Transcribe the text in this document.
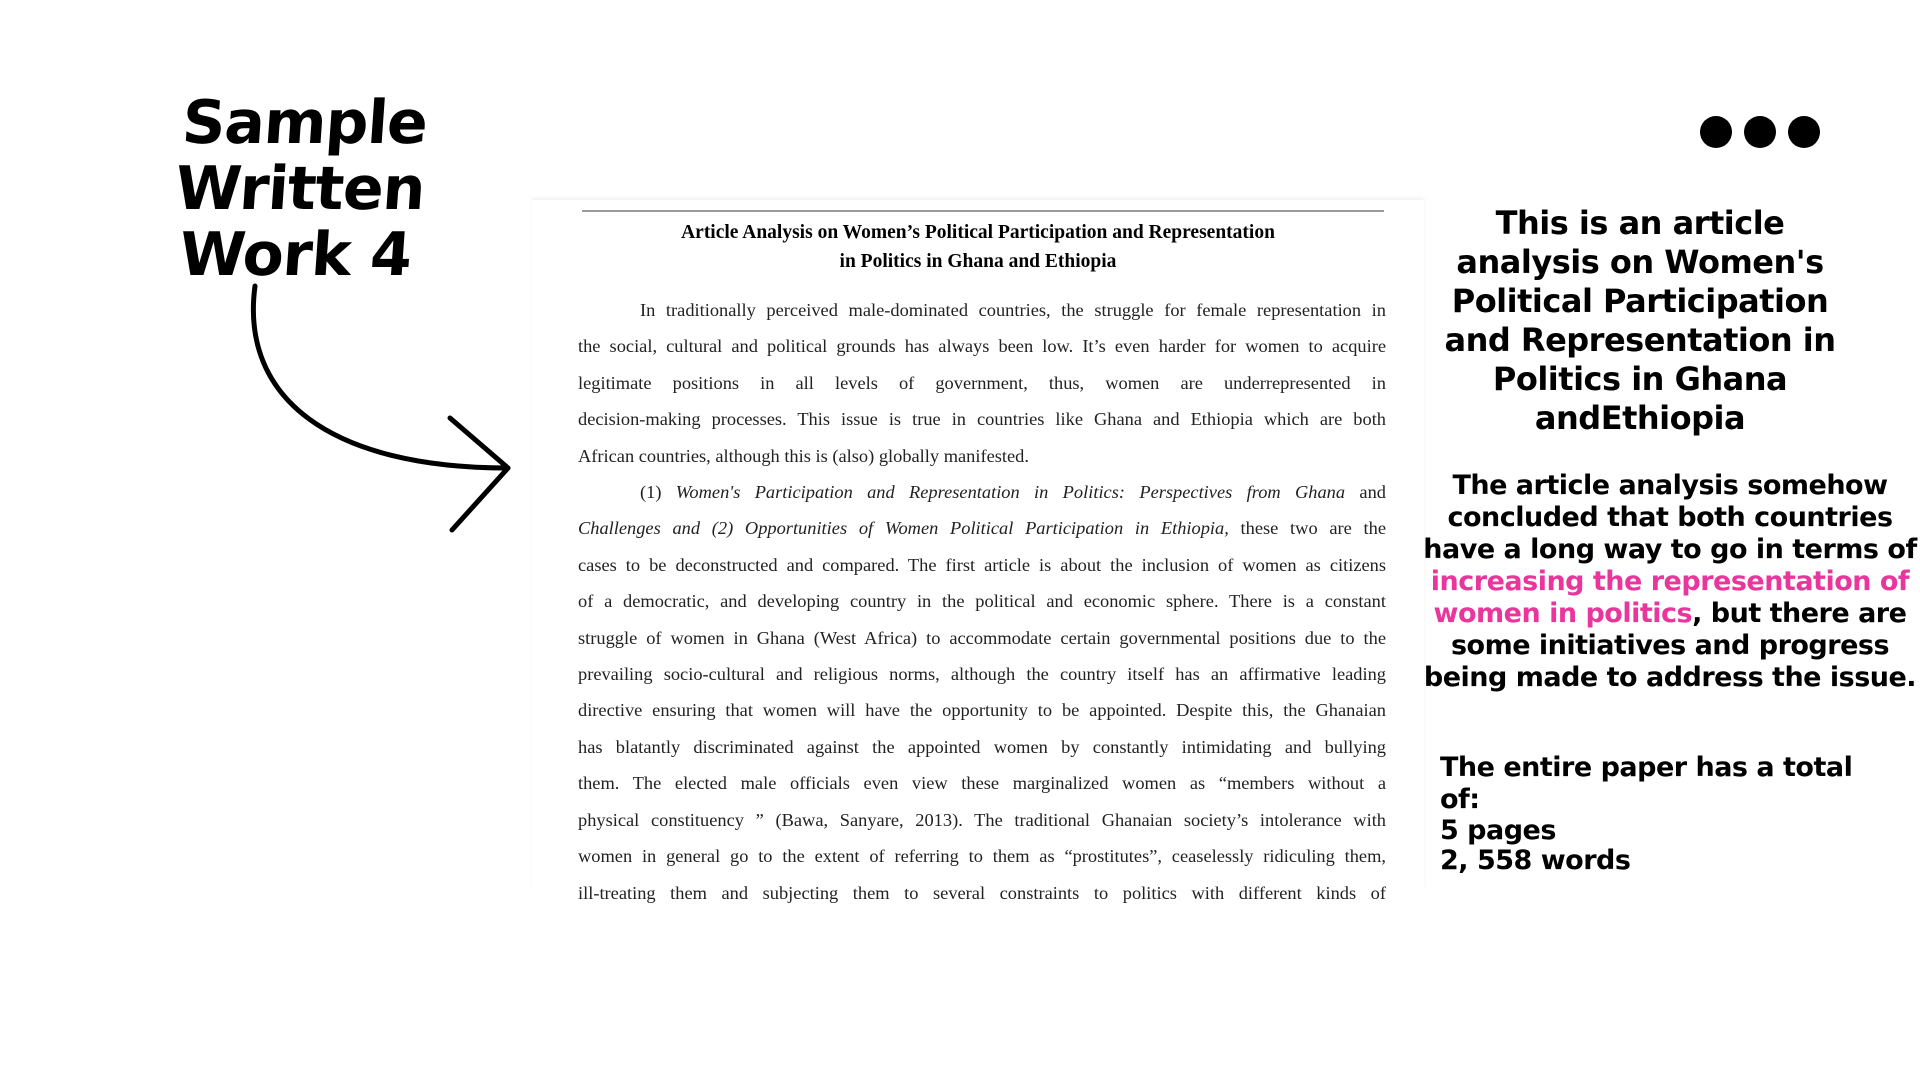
Sample Written
Work 4	Article Analysis on Women’s Political Participation and Representation
in Politics in Ghana and Ethiopia
In traditionally perceived male-dominated countries, the struggle for female representation in
the social, cultural and political grounds has always been low. It’s even harder for women to acquire
legitimate positions in all levels of government, thus, women are underrepresented in
decision-making processes. This issue is true in countries like Ghana and Ethiopia which are both
African countries, although this is (also) globally manifested.
(1) Women's Participation and Representation in Politics: Perspectives from Ghana and
Challenges and (2) Opportunities of Women Political Participation in Ethiopia, these two are the
cases to be deconstructed and compared. The first article is about the inclusion of women as citizens
of a democratic, and developing country in the political and economic sphere. There is a constant
struggle of women in Ghana (West Africa) to accommodate certain governmental positions due to the
prevailing socio-cultural and religious norms, although the country itself has an affirmative leading
directive ensuring that women will have the opportunity to be appointed. Despite this, the Ghanaian
has blatantly discriminated against the appointed women by constantly intimidating and bullying
them. The elected male officials even view these marginalized women as “members without a
physical constituency ” (Bawa, Sanyare, 2013). The traditional Ghanaian society’s intolerance with
women in general go to the extent of referring to them as “prostitutes”, ceaselessly ridiculing them,
ill-treating them and subjecting them to several constraints to politics with different kinds of
This is an article analysis on Women's Political Participation and Representation in Politics in Ghana andEthiopia
The article analysis somehow concluded that both countries have a long way to go in terms of increasing the representation of women in politics, but there are some initiatives and progress being made to address the issue.
The entire paper has a total of:
5 pages
2, 558 words
